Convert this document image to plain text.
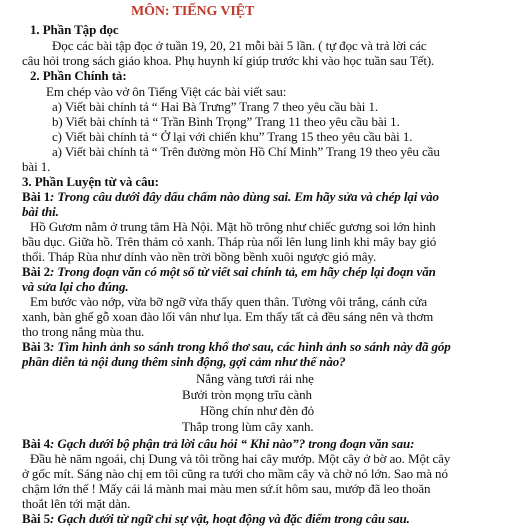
MÔN: TIẾNG VIỆT
1. Phần Tập đọc
Đọc các bài tập đọc ở tuần 19, 20, 21 mỗi bài 5 lần. ( tự đọc và trả lời các
câu hỏi trong sách giáo khoa. Phụ huynh kí giúp trước khi vào học tuần sau Tết).
2. Phần Chính tả:
Em chép vào vở ôn Tiếng Việt các bài viết sau:
a) Viết bài chính tả “ Hai Bà Trưng” Trang 7 theo yêu cầu bài 1.
b) Viết bài chính tả “ Trần Bình Trọng” Trang 11 theo yêu cầu bài 1.
c) Viết bài chính tả “ Ở lại với chiến khu” Trang 15 theo yêu cầu bài 1.
a) Viết bài chính tả “ Trên đường mòn Hồ Chí Minh” Trang 19 theo yêu cầu
bài 1.
3. Phần Luyện từ và câu:
Bài 1: Trong câu dưới đây dấu chấm nào dùng sai. Em hãy sửa và chép lại vào
bài thi.
Hồ Gươm nằm ở trung tâm Hà Nội. Mặt hồ trông như chiếc gương soi lớn hình
bầu dục. Giữa hồ. Trên thảm cỏ xanh. Tháp rùa nổi lên lung linh khi mây bay gió
thổi. Tháp Rùa như dính vào nền trời bồng bềnh xuôi ngược gió mây.
Bài 2: Trong đoạn văn có một số từ viết sai chính tả, em hãy chép lại đoạn văn
và sửa lại cho đúng.
Em bước vào nớp, vừa bỡ ngỡ vừa thấy quen thân. Tường vôi trắng, cánh cửa
xanh, bàn ghế gỗ xoan đào lối vân như lụa. Em thấy tất cả đều sáng nên và thơm
tho trong nắng mùa thu.
Bài 3: Tìm hình ảnh so sánh trong khổ thơ sau, các hình ảnh so sánh này đã góp
phần diễn tả nội dung thêm sinh động, gợi cảm như thế nào?
Nắng vàng tươi rải nhẹ
Bưởi tròn mọng trĩu cành
Hồng chín như đèn đỏ
Thắp trong lùm cây xanh.
Bài 4: Gạch dưới bộ phận trả lời câu hỏi “ Khi nào”? trong đoạn văn sau:
Đầu hè năm ngoái, chị Dung và tôi trồng hai cây mướp. Một cây ở bờ ao. Một cây
ở gốc mít. Sáng nào chị em tôi cũng ra tưới cho mầm cây và chờ nó lớn. Sao mà nó
chậm lớn thế ! Mấy cái lá mành mai màu men sứ.ít hôm sau, mướp đã leo thoăn
thoắt lên tới mặt dàn.
Bài 5: Gạch dưới từ ngữ chỉ sự vật, hoạt động và đặc điểm trong câu sau.
